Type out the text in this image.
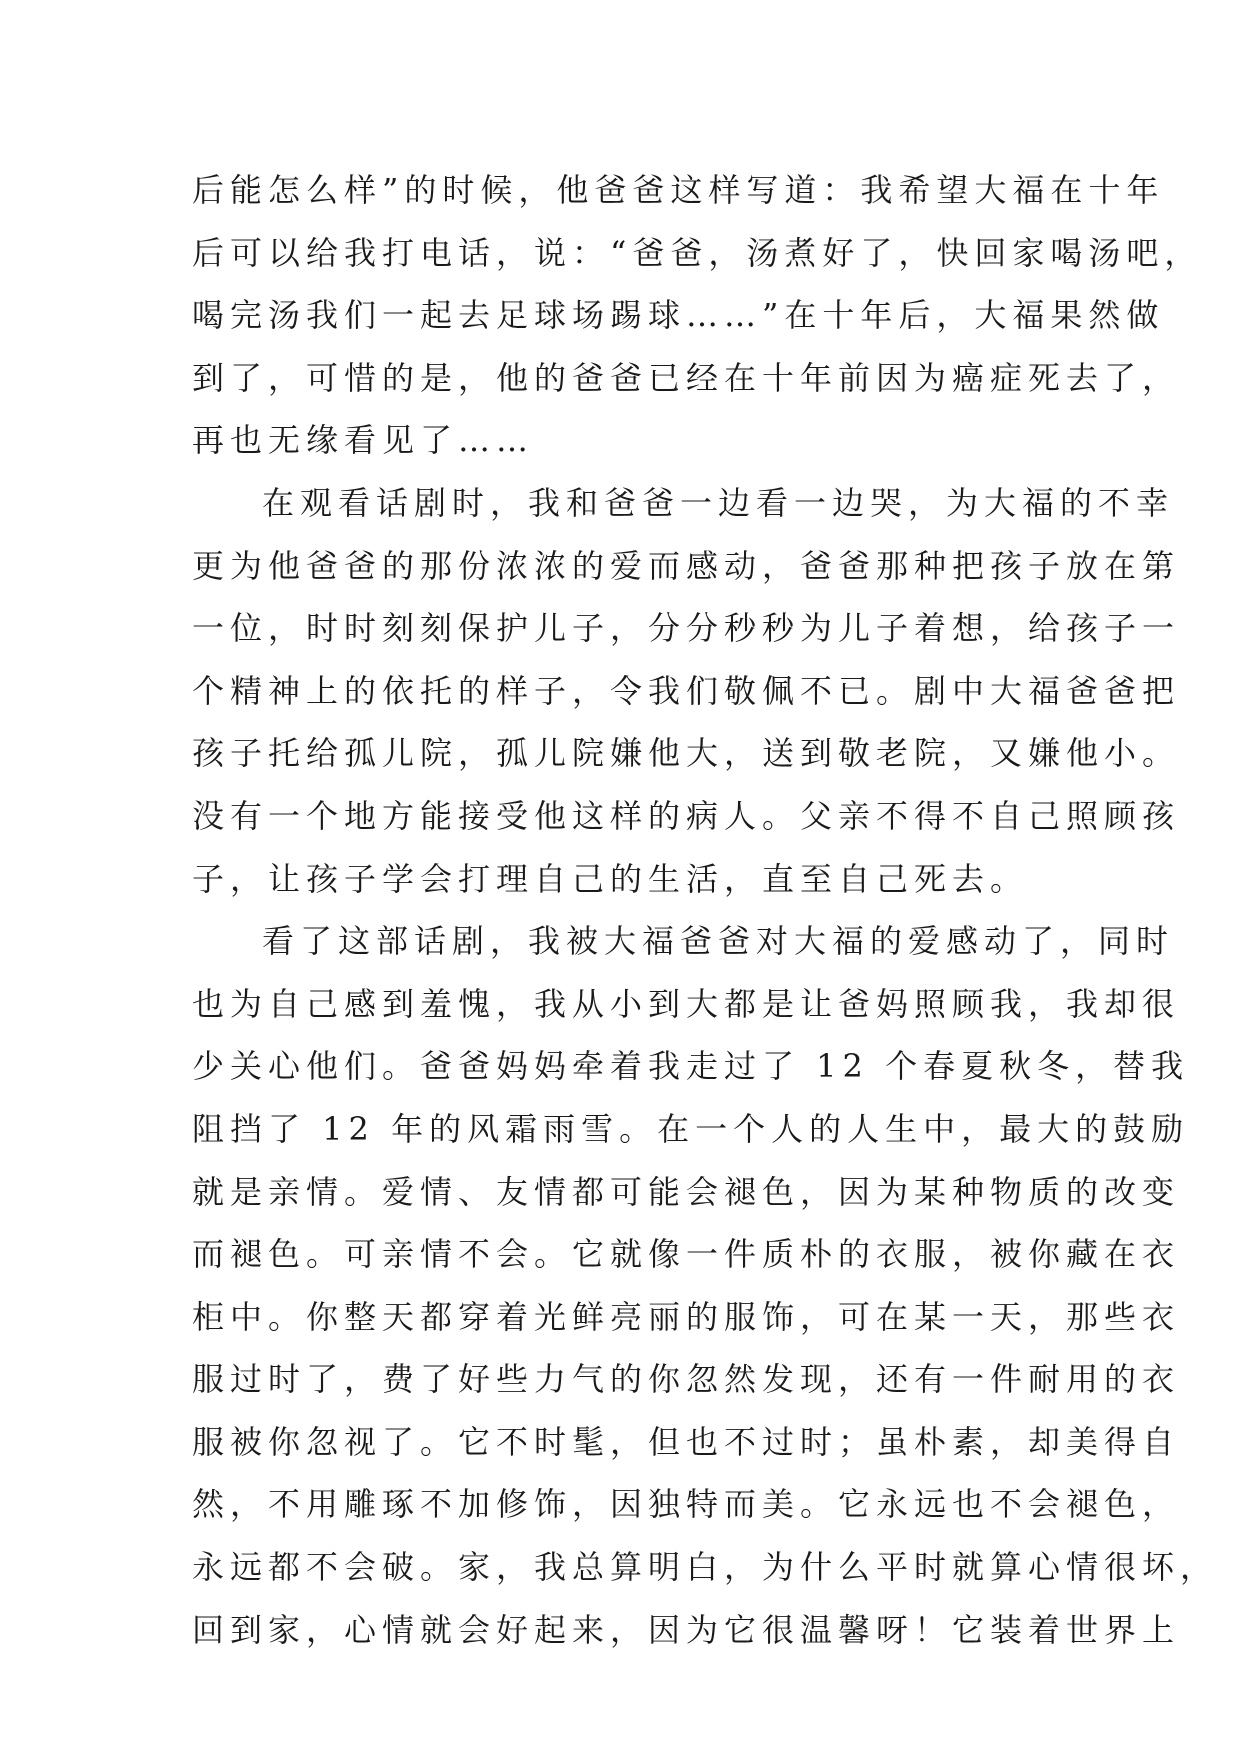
后能怎么样”的时候，他爸爸这样写道：我希望大福在十年
后可以给我打电话，说：“爸爸，汤煮好了，快回家喝汤吧，
喝完汤我们一起去足球场踢球……”在十年后，大福果然做
到了，可惜的是，他的爸爸已经在十年前因为癌症死去了，
再也无缘看见了……
在观看话剧时，我和爸爸一边看一边哭，为大福的不幸
更为他爸爸的那份浓浓的爱而感动，爸爸那种把孩子放在第
一位，时时刻刻保护儿子，分分秒秒为儿子着想，给孩子一
个精神上的依托的样子，令我们敬佩不已。剧中大福爸爸把
孩子托给孤儿院，孤儿院嫌他大，送到敬老院，又嫌他小。
没有一个地方能接受他这样的病人。父亲不得不自己照顾孩
子，让孩子学会打理自己的生活，直至自己死去。
看了这部话剧，我被大福爸爸对大福的爱感动了，同时
也为自己感到羞愧，我从小到大都是让爸妈照顾我，我却很
少关心他们。爸爸妈妈牵着我走过了 12 个春夏秋冬，替我
阻挡了 12 年的风霜雨雪。在一个人的人生中，最大的鼓励
就是亲情。爱情、友情都可能会褪色，因为某种物质的改变
而褪色。可亲情不会。它就像一件质朴的衣服，被你藏在衣
柜中。你整天都穿着光鲜亮丽的服饰，可在某一天，那些衣
服过时了，费了好些力气的你忽然发现，还有一件耐用的衣
服被你忽视了。它不时髦，但也不过时；虽朴素，却美得自
然，不用雕琢不加修饰，因独特而美。它永远也不会褪色，
永远都不会破。家，我总算明白，为什么平时就算心情很坏，
回到家，心情就会好起来，因为它很温馨呀！它装着世界上
